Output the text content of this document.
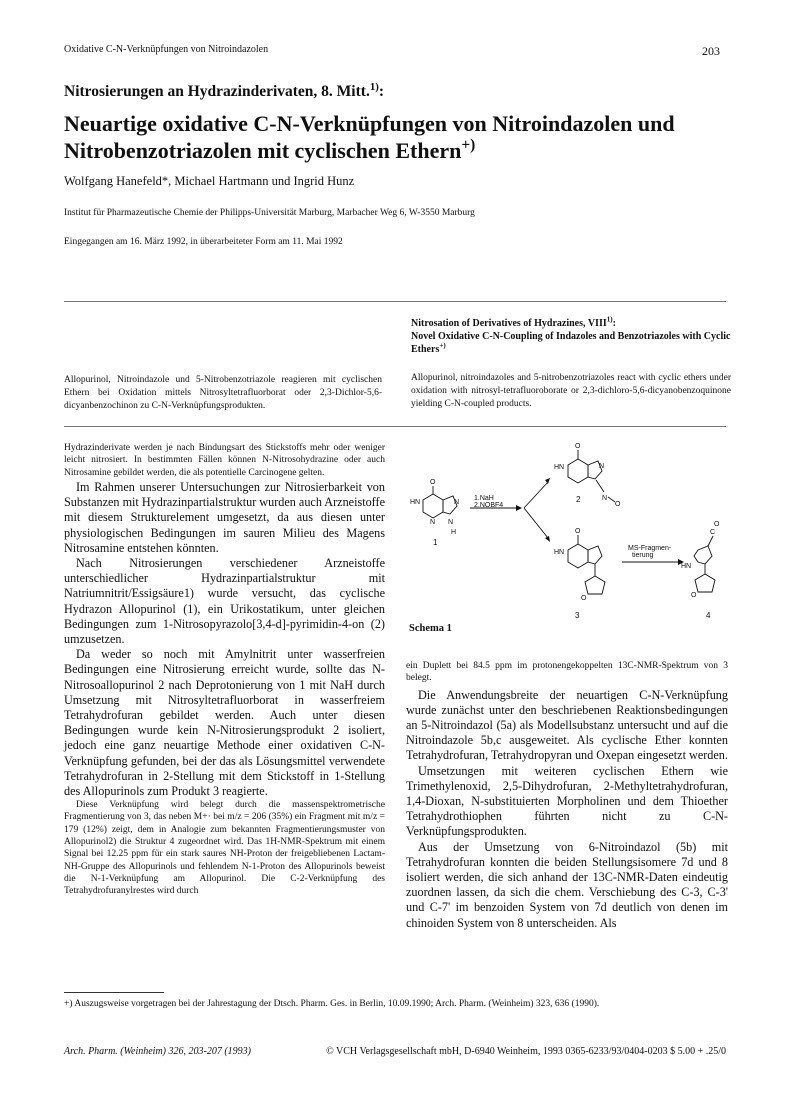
Oxidative C-N-Verknüpfungen von Nitroindazolen	203
Nitrosierungen an Hydrazinderivaten, 8. Mitt.$^{1)}$:
Neuartige oxidative C-N-Verknüpfungen von Nitroindazolen und Nitrobenzotriazolen mit cyclischen Ethern+)
Wolfgang Hanefeld*, Michael Hartmann und Ingrid Hunz
Institut für Pharmazeutische Chemie der Philipps-Universität Marburg, Marbacher Weg 6, W-3550 Marburg
Eingegangen am 16. März 1992, in überarbeiteter Form am 11. Mai 1992
Nitrosation of Derivatives of Hydrazines, VIII$^{1)}$:
Novel Oxidative C-N-Coupling of Indazoles and Benzotriazoles with Cyclic Ethers+)
Allopurinol, Nitroindazole und 5-Nitrobenzotriazole reagieren mit cyclischen Ethern bei Oxidation mittels Nitrosyltetrafluorborat oder 2,3-Dichlor-5,6-dicyanbenzochinon zu C-N-Verknüpfungsprodukten.
Allopurinol, nitroindazoles and 5-nitrobenzotriazoles react with cyclic ethers under oxidation with nitrosyl-tetrafluoroborate or 2,3-dichloro-5,6-dicyanobenzoquinone yielding C-N-coupled products.

Hydrazinderivate werden je nach Bindungsart des Stickstoffs mehr oder weniger leicht nitrosiert. In bestimmten Fällen können N-Nitrosohydrazine oder auch Nitrosamine gebildet werden, die als potentielle Carcinogene gelten.

Im Rahmen unserer Untersuchungen zur Nitrosierbarkeit von Substanzen mit Hydrazinpartialstruktur wurden auch Arzneistoffe mit diesem Strukturelement umgesetzt, da aus diesen unter physiologischen Bedingungen im sauren Milieu des Magens Nitrosamine entstehen könnten.

Nach Nitrosierungen verschiedener Arzneistoffe unterschiedlicher Hydrazinpartialstruktur mit Natriumnitrit/Essigsäure1) wurde versucht, das cyclische Hydrazon Allopurinol (1), ein Urikostatikum, unter gleichen Bedingungen zum 1-Nitrosopyrazolo[3,4-d]-pyrimidin-4-on (2) umzusetzen.

Da weder so noch mit Amylnitrit unter wasserfreien Bedingungen eine Nitrosierung erreicht wurde, sollte das N-Nitrosoallopurinol 2 nach Deprotonierung von 1 mit NaH durch Umsetzung mit Nitrosyltetrafluorborat in wasserfreiem Tetrahydrofuran gebildet werden. Auch unter diesen Bedingungen wurde kein N-Nitrosierungsprodukt 2 isoliert, jedoch eine ganz neuartige Methode einer oxidativen C-N-Verknüpfung gefunden, bei der das als Lösungsmittel verwendete Tetrahydrofuran in 2-Stellung mit dem Stickstoff in 1-Stellung des Allopurinols zum Produkt 3 reagierte.

Diese Verknüpfung wird belegt durch die massenspektrometrische Fragmentierung von 3, das neben M+· bei m/z = 206 (35%) ein Fragment mit m/z = 179 (12%) zeigt, dem in Analogie zum bekannten Fragmentierungsmuster von Allopurinol2) die Struktur 4 zugeordnet wird. Das 1H-NMR-Spektrum mit einem Signal bei 12.25 ppm für ein stark saures NH-Proton der freigebliebenen Lactam-NH-Gruppe des Allopurinols und fehlendem N-1-Proton des Allopurinols beweist die N-1-Verknüpfung am Allopurinol. Die C-2-Verknüpfung des Tetrahydrofuranylrestes wird durch

O
HN
N
N
N
H
1
1.NaH
2.NOBF4
O
HN	N
N
O
2
O
HN
O
3
MS-Fragmen-
tierung
C
O
HN
O
4
Schema 1

ein Duplett bei 84.5 ppm im protonengekoppelten 13C-NMR-Spektrum von 3 belegt.

Die Anwendungsbreite der neuartigen C-N-Verknüpfung wurde zunächst unter den beschriebenen Reaktionsbedingungen an 5-Nitroindazol (5a) als Modellsubstanz untersucht und auf die Nitroindazole 5b,c ausgeweitet. Als cyclische Ether konnten Tetrahydrofuran, Tetrahydropyran und Oxepan eingesetzt werden.

Umsetzungen mit weiteren cyclischen Ethern wie Trimethylenoxid, 2,5-Dihydrofuran, 2-Methyltetrahydrofuran, 1,4-Dioxan, N-substituierten Morpholinen und dem Thioether Tetrahydrothiophen führten nicht zu C-N-Verknüpfungsprodukten.

Aus der Umsetzung von 6-Nitroindazol (5b) mit Tetrahydrofuran konnten die beiden Stellungsisomere 7d und 8 isoliert werden, die sich anhand der 13C-NMR-Daten eindeutig zuordnen lassen, da sich die chem. Verschiebung des C-3, C-3' und C-7' im benzoiden System von 7d deutlich von denen im chinoiden System von 8 unterscheiden. Als

+) Auszugsweise vorgetragen bei der Jahrestagung der Dtsch. Pharm. Ges. in Berlin, 10.09.1990; Arch. Pharm. (Weinheim) 323, 636 (1990).
Arch. Pharm. (Weinheim) 326, 203-207 (1993)	© VCH Verlagsgesellschaft mbH, D-6940 Weinheim, 1993 0365-6233/93/0404-0203 $ 5.00 + .25/0
